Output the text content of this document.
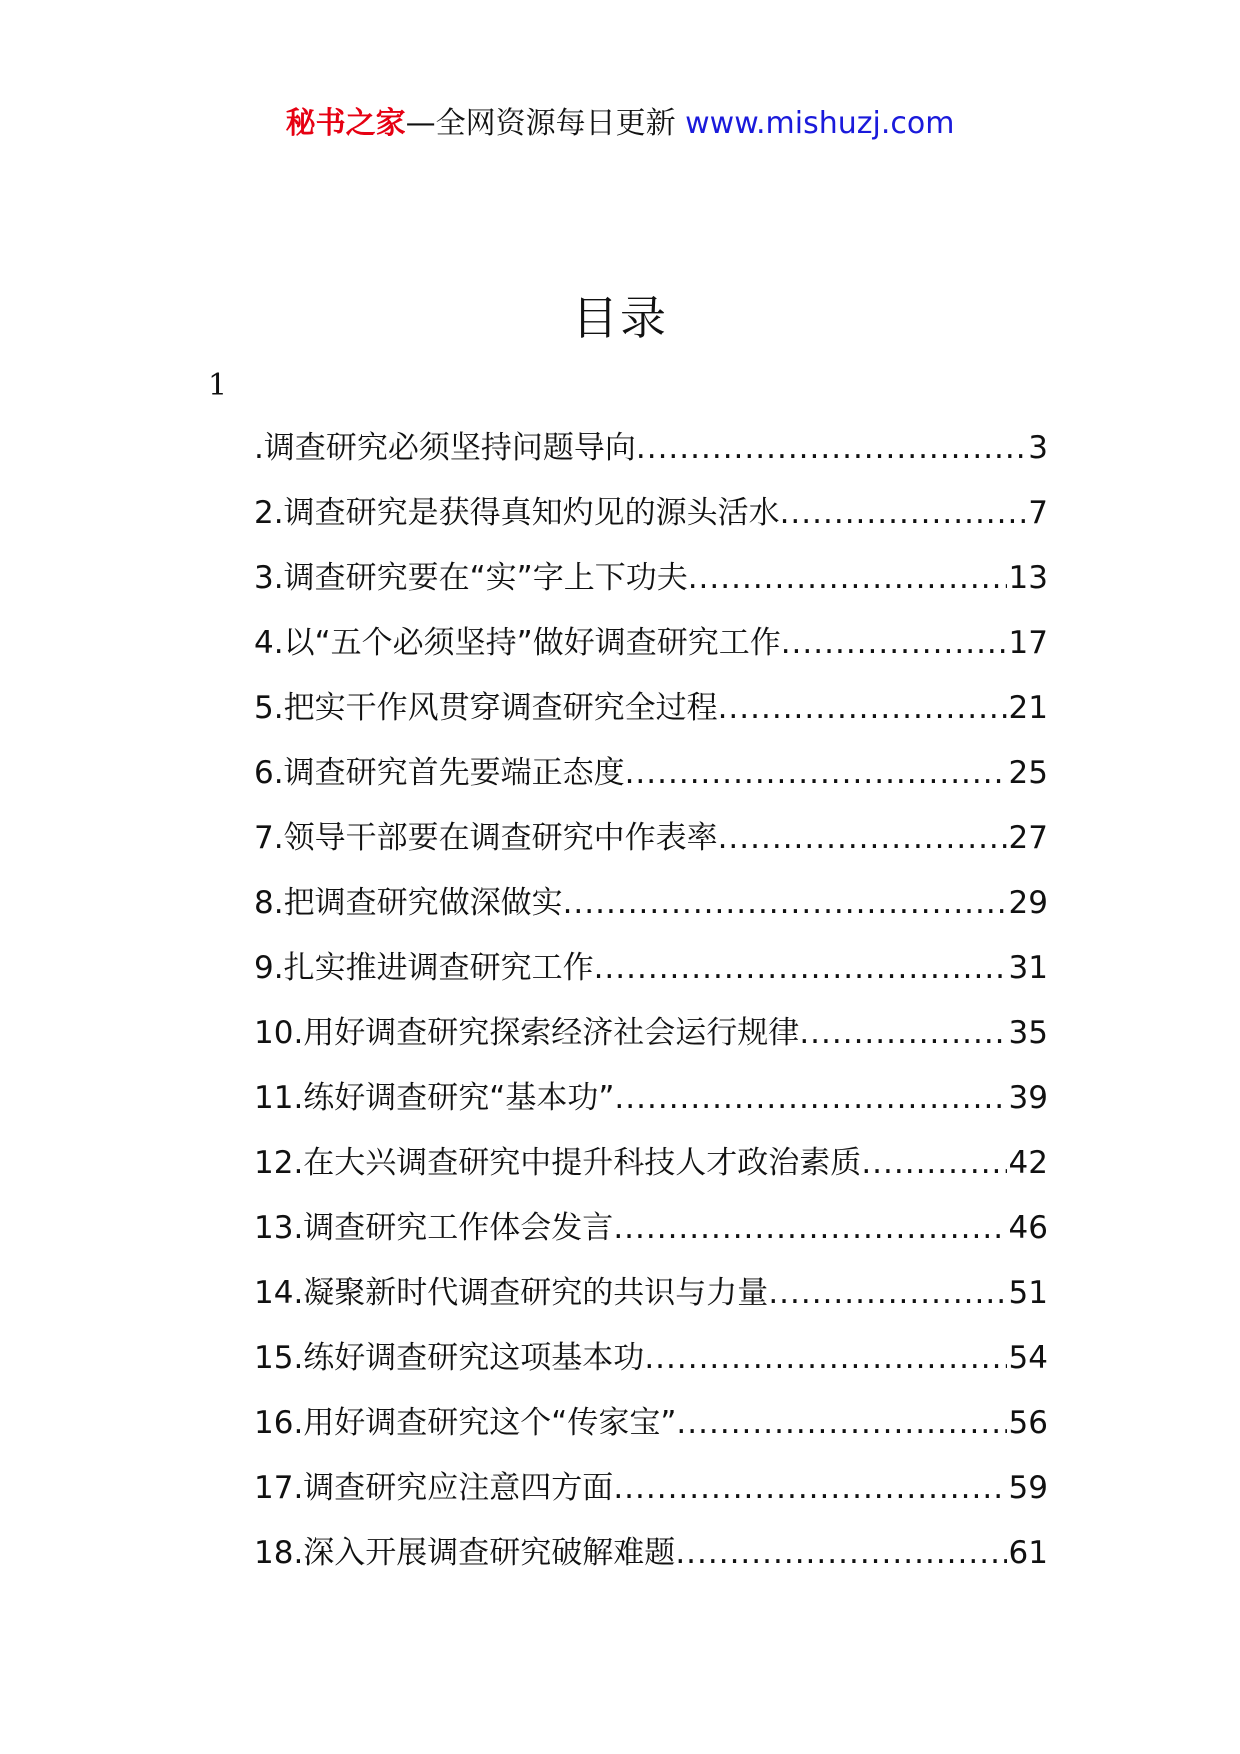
秘书之家—全网资源每日更新 www.mishuzj.com
目录
1
.调查研究必须坚持问题导向 .....	3
2.调查研究是获得真知灼见的源头活水 .....	7
3.调查研究要在“实”字上下功夫 .....	13
4.以“五个必须坚持”做好调查研究工作 .....	17
5.把实干作风贯穿调查研究全过程 .....	21
6.调查研究首先要端正态度 .....	25
7.领导干部要在调查研究中作表率 .....	27
8.把调查研究做深做实 .....	29
9.扎实推进调查研究工作 .....	31
10.用好调查研究探索经济社会运行规律 .....	35
11.练好调查研究“基本功” .....	39
12.在大兴调查研究中提升科技人才政治素质 .....	42
13.调查研究工作体会发言 .....	46
14.凝聚新时代调查研究的共识与力量 .....	51
15.练好调查研究这项基本功 .....	54
16.用好调查研究这个“传家宝” .....	56
17.调查研究应注意四方面 .....	59
18.深入开展调查研究破解难题 .....	61
